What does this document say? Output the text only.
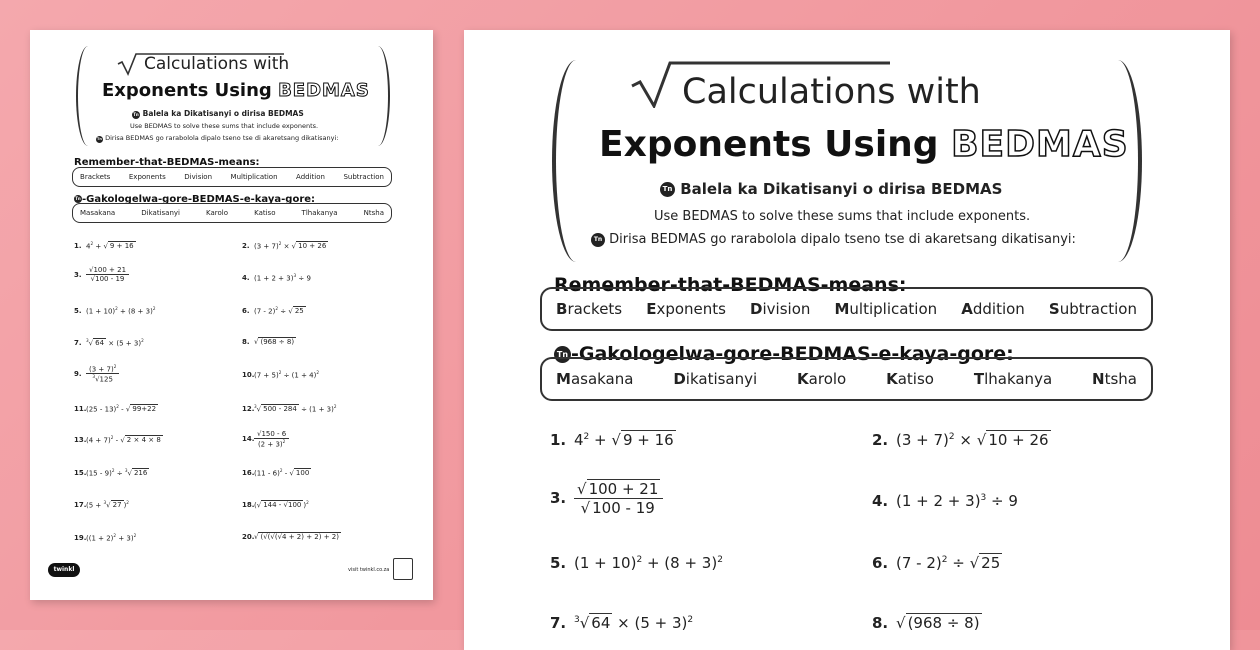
Calculations with
Exponents Using BEDMAS
Tn Balela ka Dikatisanyi o dirisa BEDMAS
Use BEDMAS to solve these sums that include exponents.
Tn Dirisa BEDMAS go rarabolola dipalo tseno tse di akaretsang dikatisanyi:
Remember-that-BEDMAS-means:
Brackets	Exponents	Division	Multiplication	Addition	Subtraction
Tn-Gakologelwa-gore-BEDMAS-e-kaya-gore:
Masakana	Dikatisanyi	Karolo	Katiso	Tlhakanya	Ntsha
1. $4^2$ + √ 9 + 16	2. $(3 + 7)^2$ × √ 10 + 26
3. $\frac{√100 + 21}{√100 - 19}$	4. $(1 + 2 + 3)^3 \div 9$
5. $(1 + 10)^2 + (8 + 3)^2$	6. (7 - 2)$^2$ ÷ √ 25
7. $^3$√ $64 \times (5 + 3)^2$	8. √ (968 ÷ 8)
9. $\frac{(3 + 7)^2}{^3√125}$	$10.(7 + 5)^2 \div (1 + 4)^2$
11.(25 - 13)$^2$ - √ 99+22	12.$^3$√ $500 - 284 \div (1 + 3)^2$
$13.(4 + 7)^2$ - √ 2 × 4 × 8	14. $\frac{√150 - 6}{(2 + 3)^2}$
15.(15 - 9)$^2$ ÷ $^3$√ 216	16.(11 - 6)$^2$ - √ 100
17.(5 + $^3$√ 27 )$^2$	18.(√ 144 - √100 )$^2$
$19.((1 + 2)^2 + 3)^2$	20.√ (√(√(√4 + 2) + 2) + 2)
twinkl	visit twinkl.co.za
Calculations with
Exponents Using BEDMAS
Tn Balela ka Dikatisanyi o dirisa BEDMAS
Use BEDMAS to solve these sums that include exponents.
Tn Dirisa BEDMAS go rarabolola dipalo tseno tse di akaretsang dikatisanyi:
Remember-that-BEDMAS-means:
Brackets Exponents Division Multiplication Addition Subtraction
Tn -Gakologelwa-gore-BEDMAS-e-kaya-gore:
Masakana	Dikatisanyi	Karolo	Katiso	Tlhakanya	Ntsha
1. $4^2$ + √ 9 + 16	2. $(3 + 7)^2$ × √ 10 + 26
3. $\frac{√ 100 + 21}{√ 100 - 19}$	4. $(1 + 2 + 3)^3 \div 9$
5. $(1 + 10)^2 + (8 + 3)^2$	6. (7 - 2)$^2$ ÷ √ 25
7. $^3$√ $64 \times (5 + 3)^2$	8. √ (968 ÷ 8)
